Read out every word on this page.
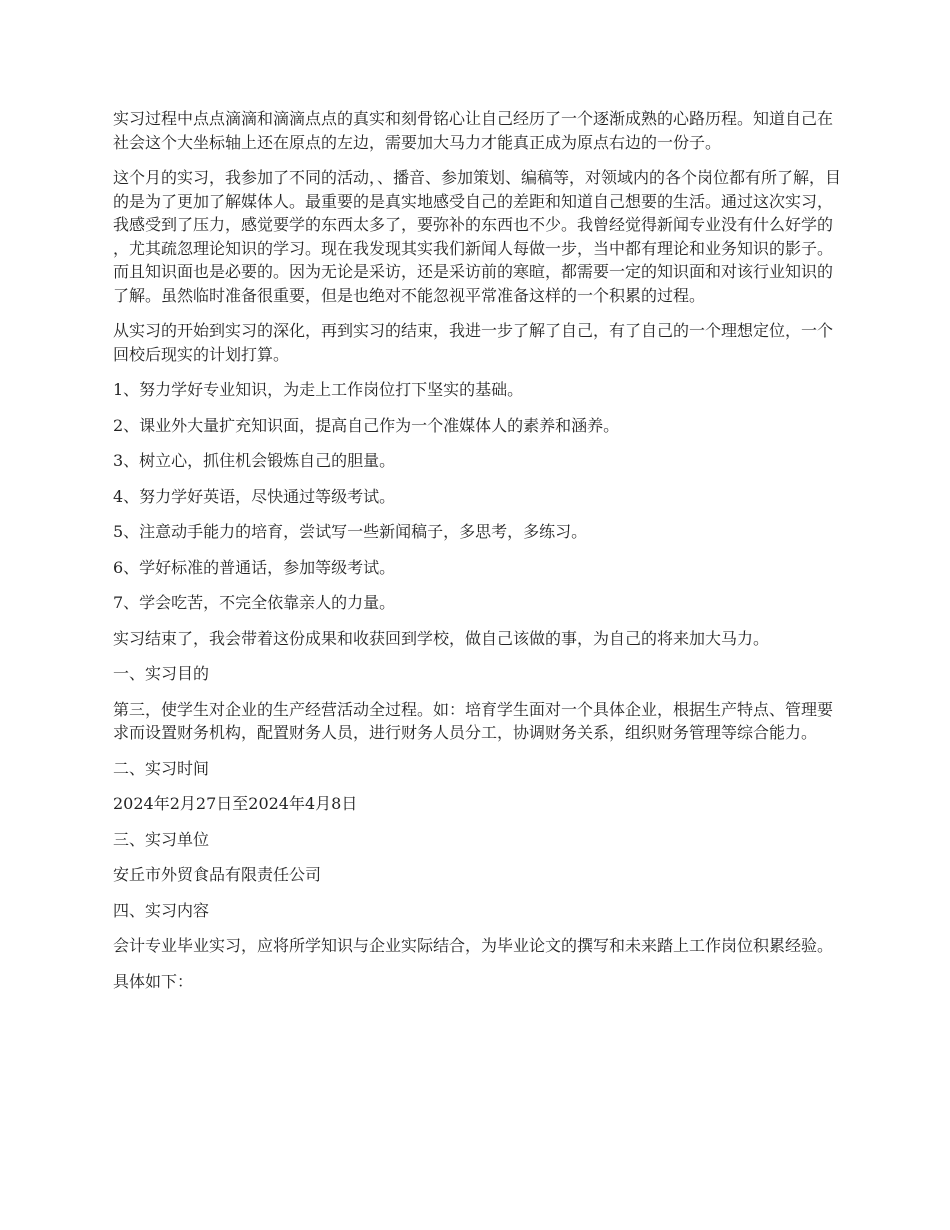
实习过程中点点滴滴和滴滴点点的真实和刻骨铭心让自己经历了一个逐渐成熟的心路历程。知道自己在社会这个大坐标轴上还在原点的左边，需要加大马力才能真正成为原点右边的一份子。

这个月的实习，我参加了不同的活动，、播音、参加策划、编稿等，对领域内的各个岗位都有所了解，目的是为了更加了解媒体人。最重要的是真实地感受自己的差距和知道自己想要的生活。通过这次实习，我感受到了压力，感觉要学的东西太多了，要弥补的东西也不少。我曾经觉得新闻专业没有什么好学的，尤其疏忽理论知识的学习。现在我发现其实我们新闻人每做一步，当中都有理论和业务知识的影子。而且知识面也是必要的。因为无论是采访，还是采访前的寒暄，都需要一定的知识面和对该行业知识的了解。虽然临时准备很重要，但是也绝对不能忽视平常准备这样的一个积累的过程。

从实习的开始到实习的深化，再到实习的结束，我进一步了解了自己，有了自己的一个理想定位，一个回校后现实的计划打算。

1、努力学好专业知识，为走上工作岗位打下坚实的基础。

2、课业外大量扩充知识面，提高自己作为一个准媒体人的素养和涵养。

3、树立心，抓住机会锻炼自己的胆量。

4、努力学好英语，尽快通过等级考试。

5、注意动手能力的培育，尝试写一些新闻稿子，多思考，多练习。

6、学好标准的普通话，参加等级考试。

7、学会吃苦，不完全依靠亲人的力量。

实习结束了，我会带着这份成果和收获回到学校，做自己该做的事，为自己的将来加大马力。

一、实习目的

第三，使学生对企业的生产经营活动全过程。如：培育学生面对一个具体企业，根据生产特点、管理要求而设置财务机构，配置财务人员，进行财务人员分工，协调财务关系，组织财务管理等综合能力。

二、实习时间

2024年2月27日至2024年4月8日

三、实习单位

安丘市外贸食品有限责任公司

四、实习内容

会计专业毕业实习，应将所学知识与企业实际结合，为毕业论文的撰写和未来踏上工作岗位积累经验。

具体如下：
